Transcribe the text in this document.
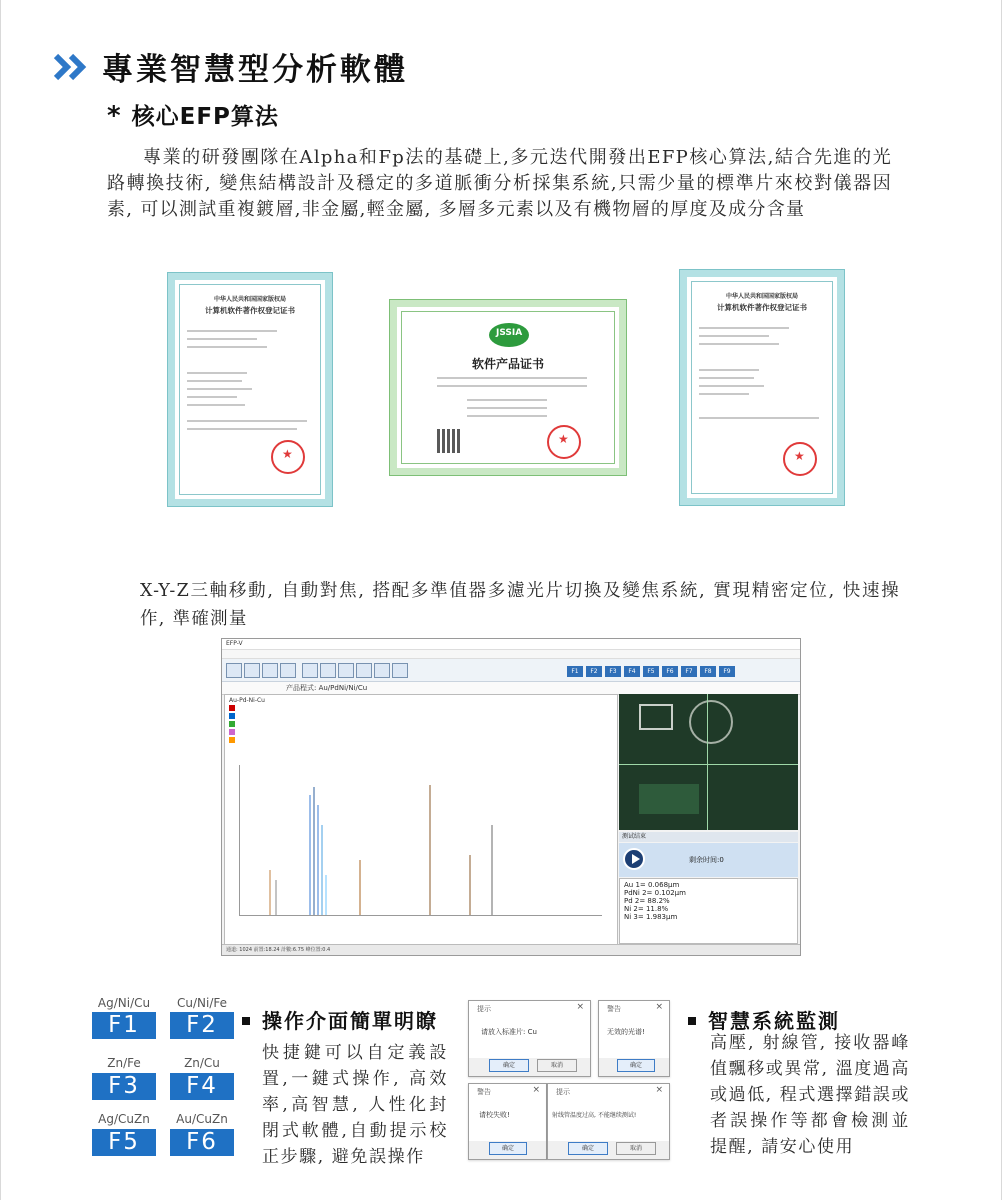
專業智慧型分析軟體
* 核心EFP算法
專業的研發團隊在Alpha和Fp法的基礎上,多元迭代開發出EFP核心算法,結合先進的光路轉換技術, 變焦結構設計及穩定的多道脈衝分析採集系統,只需少量的標準片來校對儀器因素, 可以測試重複鍍層,非金屬,輕金屬, 多層多元素以及有機物層的厚度及成分含量
中华人民共和国国家版权局
计算机软件著作权登记证书
★
JSSIA
软件产品证书
★
中华人民共和国国家版权局
计算机软件著作权登记证书
★
X-Y-Z三軸移動, 自動對焦, 搭配多準值器多濾光片切換及變焦系統, 實現精密定位, 快速操作, 準確測量
EFP-V
F1	F2	F3	F4	F5	F6	F7	F8	F9
产品程式: Au/PdNi/Ni/Cu
Au-Pd-Ni-Cu
测试结束
剩余时间:0
Au 1= 0.068μm
PdNi 2= 0.102μm
Pd 2= 88.2%
Ni 2= 11.8%
Ni 3= 1.983μm
通道: 1024 前置:18.24 計數:6.75 峰位置:0.4
Ag/Ni/Cu	Cu/Ni/Fe
F1	F2
Zn/Fe	Zn/Cu
F3	F4
Ag/CuZn	Au/CuZn
F5	F6
操作介面簡單明瞭
快捷鍵可以自定義設置,一鍵式操作, 高效率,高智慧, 人性化封閉式軟體,自動提示校正步驟, 避免誤操作
提示	×
请放入标准片: Cu
确定	取消
警告	×
无效的光谱!
确定
警告	×
请校失败!
确定
提示	×
射线管温度过高, 不能继续测试!
确定	取消
智慧系統監測
高壓, 射線管, 接收器峰值飄移或異常, 溫度過高或過低, 程式選擇錯誤或者誤操作等都會檢測並提醒, 請安心使用
